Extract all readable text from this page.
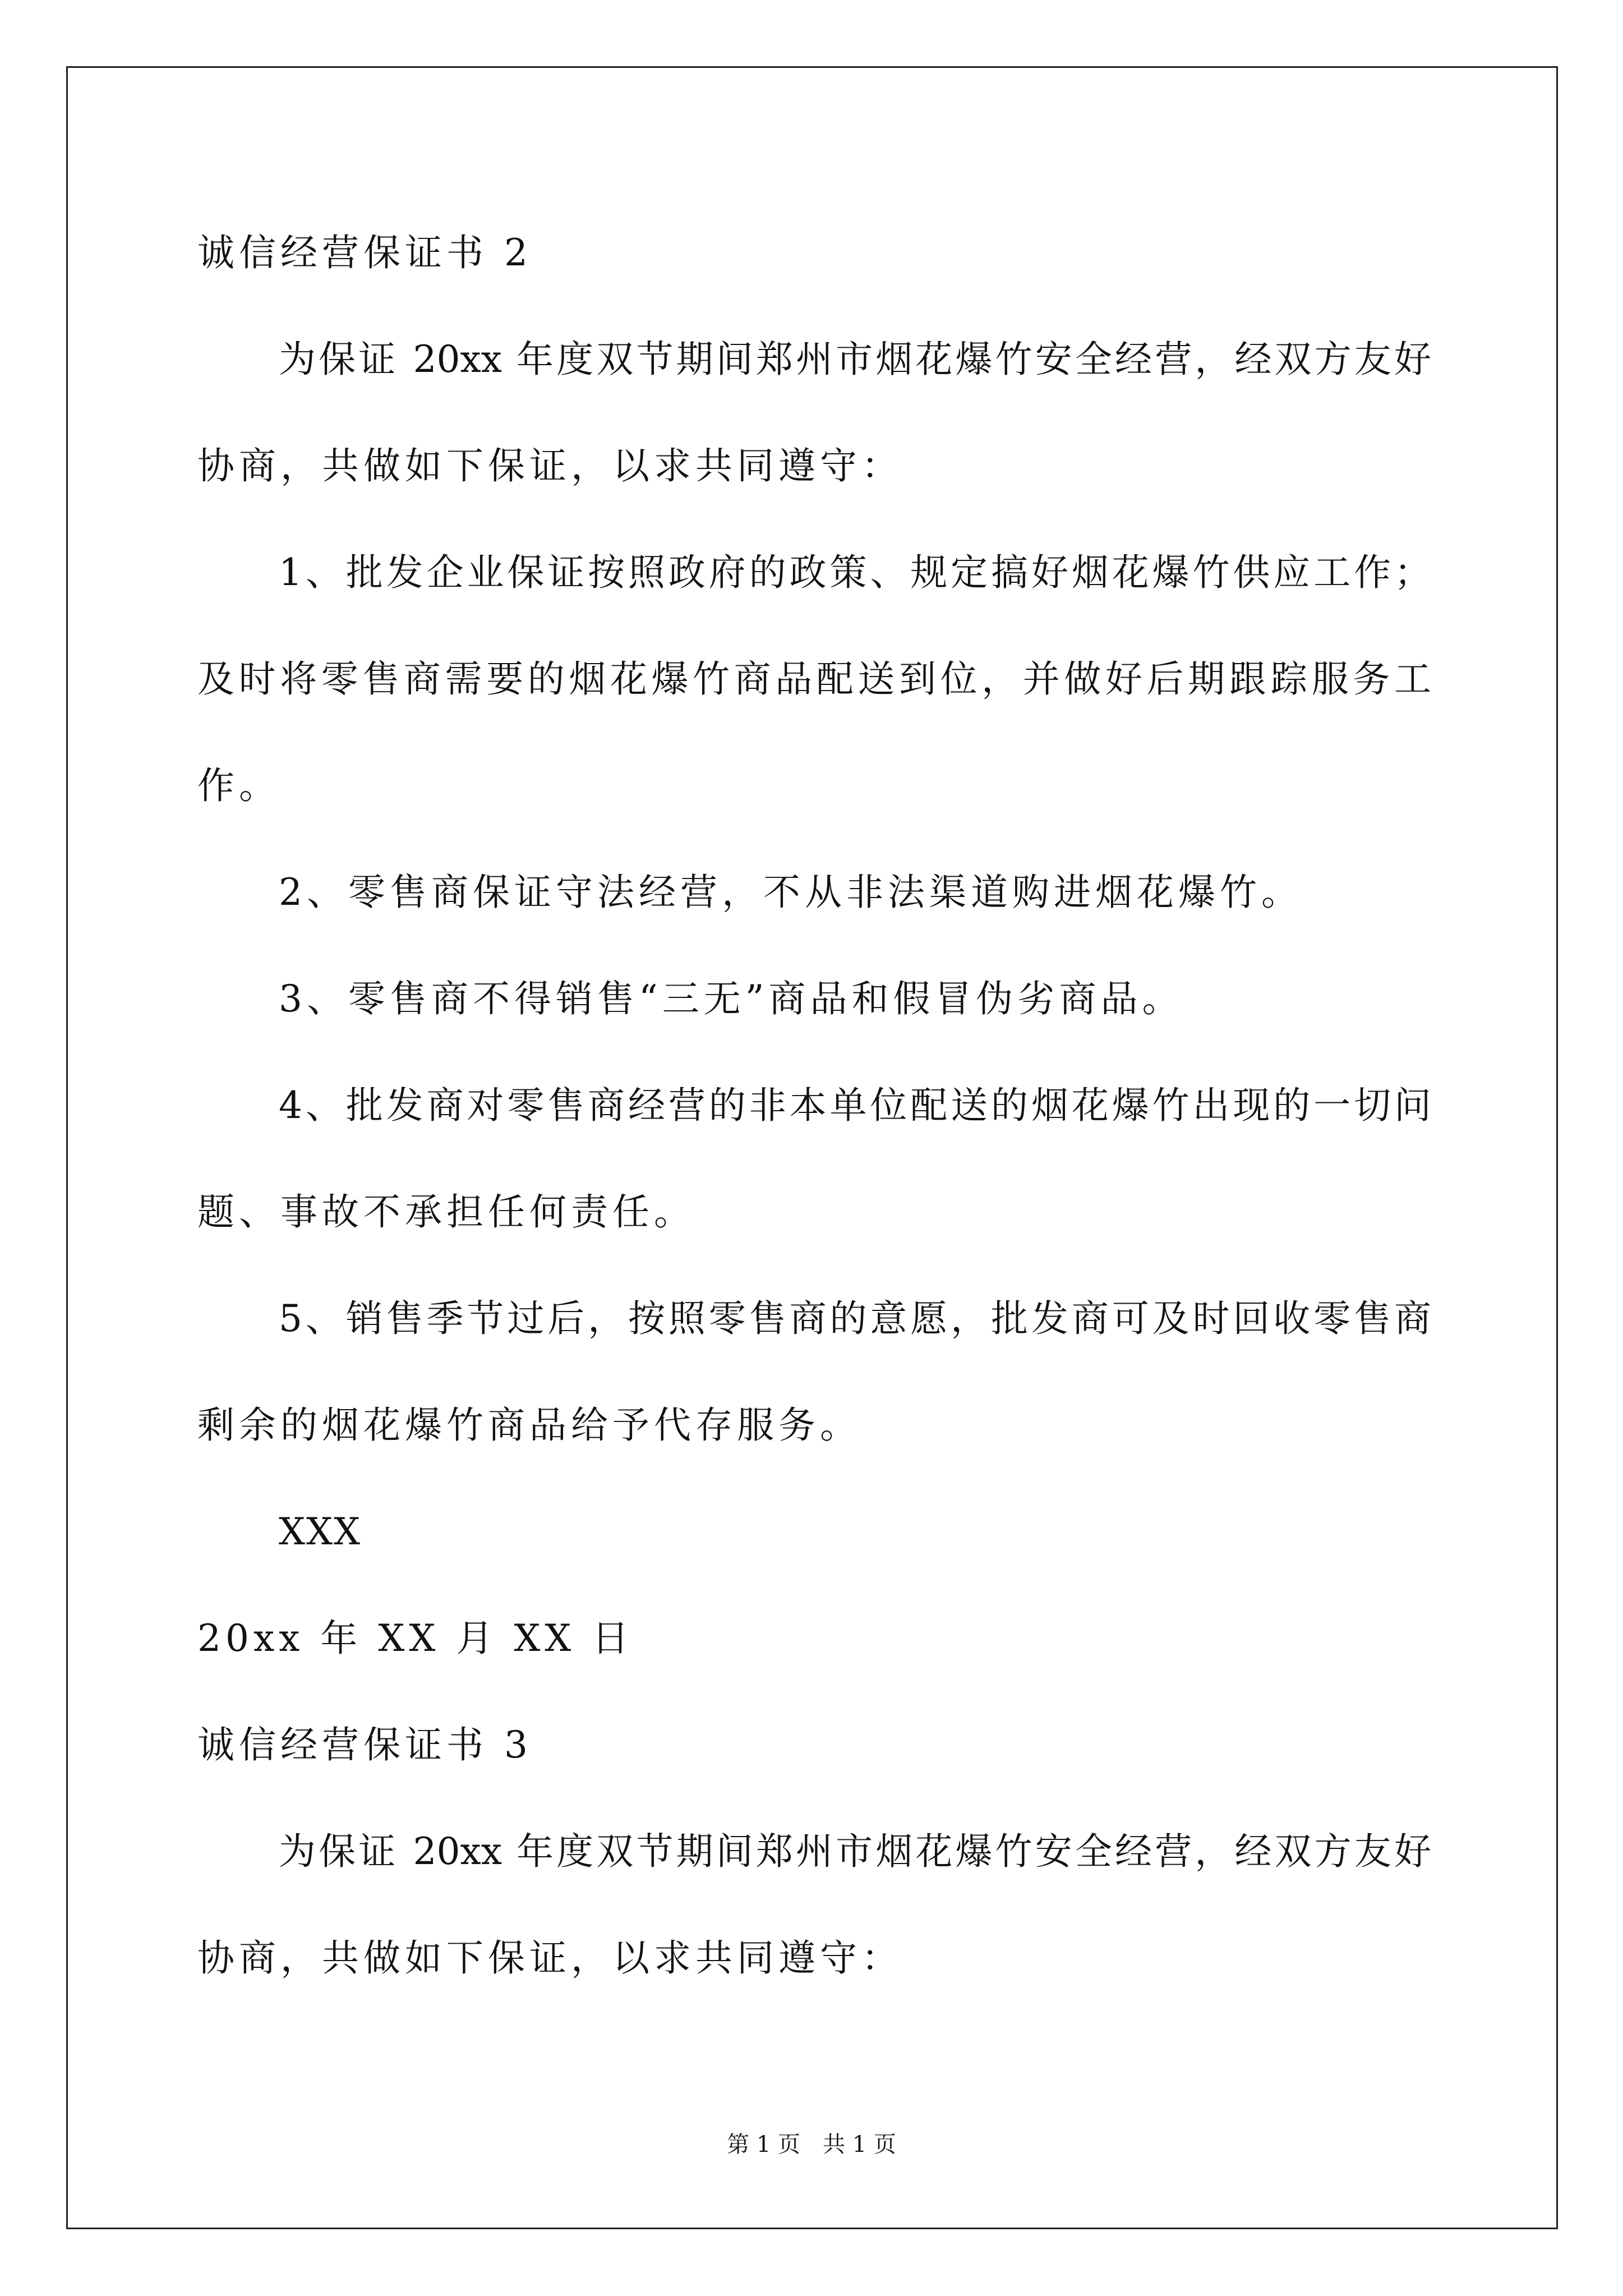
诚信经营保证书 2
为保证 20xx 年度双节期间郑州市烟花爆竹安全经营，经双方友好
协商，共做如下保证，以求共同遵守：
1、批发企业保证按照政府的政策、规定搞好烟花爆竹供应工作；
及时将零售商需要的烟花爆竹商品配送到位，并做好后期跟踪服务工
作。
2、零售商保证守法经营，不从非法渠道购进烟花爆竹。
3、零售商不得销售“三无”商品和假冒伪劣商品。
4、批发商对零售商经营的非本单位配送的烟花爆竹出现的一切问
题、事故不承担任何责任。
5、销售季节过后，按照零售商的意愿，批发商可及时回收零售商
剩余的烟花爆竹商品给予代存服务。
XXX
20xx 年 XX 月 XX 日
诚信经营保证书 3
为保证 20xx 年度双节期间郑州市烟花爆竹安全经营，经双方友好
协商，共做如下保证，以求共同遵守：
第 1 页 共 1 页
